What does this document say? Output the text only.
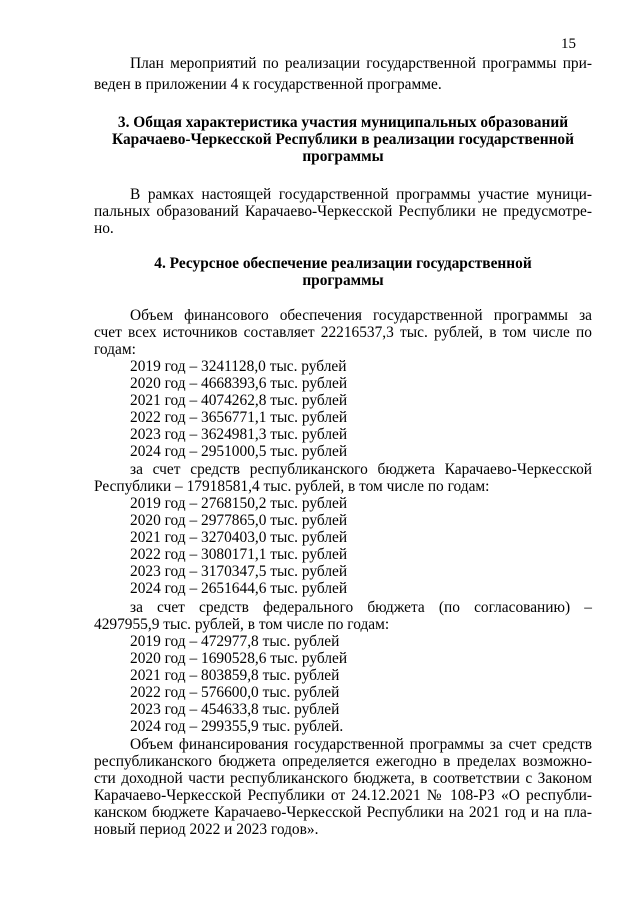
15
План мероприятий по реализации государственной программы при-
веден в приложении 4 к государственной программе.
3. Общая характеристика участия муниципальных образований
Карачаево-Черкесской Республики в реализации государственной
программы
В рамках настоящей государственной программы участие муници-
пальных образований Карачаево-Черкесской Республики не предусмотре-
но.
4. Ресурсное обеспечение реализации государственной
программы
Объем финансового обеспечения государственной программы за
счет всех источников составляет 22216537,3 тыс. рублей, в том числе по
годам:
2019 год – 3241128,0 тыс. рублей
2020 год – 4668393,6 тыс. рублей
2021 год – 4074262,8 тыс. рублей
2022 год – 3656771,1 тыс. рублей
2023 год – 3624981,3 тыс. рублей
2024 год – 2951000,5 тыс. рублей
за счет средств республиканского бюджета Карачаево-Черкесской
Республики – 17918581,4 тыс. рублей, в том числе по годам:
2019 год – 2768150,2 тыс. рублей
2020 год – 2977865,0 тыс. рублей
2021 год – 3270403,0 тыс. рублей
2022 год – 3080171,1 тыс. рублей
2023 год – 3170347,5 тыс. рублей
2024 год – 2651644,6 тыс. рублей
за счет средств федерального бюджета (по согласованию) –
4297955,9 тыс. рублей, в том числе по годам:
2019 год – 472977,8 тыс. рублей
2020 год – 1690528,6 тыс. рублей
2021 год – 803859,8 тыс. рублей
2022 год – 576600,0 тыс. рублей
2023 год – 454633,8 тыс. рублей
2024 год – 299355,9 тыс. рублей.
Объем финансирования государственной программы за счет средств
республиканского бюджета определяется ежегодно в пределах возможно-
сти доходной части республиканского бюджета, в соответствии с Законом
Карачаево-Черкесской Республики от 24.12.2021 № 108-РЗ «О республи-
канском бюджете Карачаево-Черкесской Республики на 2021 год и на пла-
новый период 2022 и 2023 годов».
